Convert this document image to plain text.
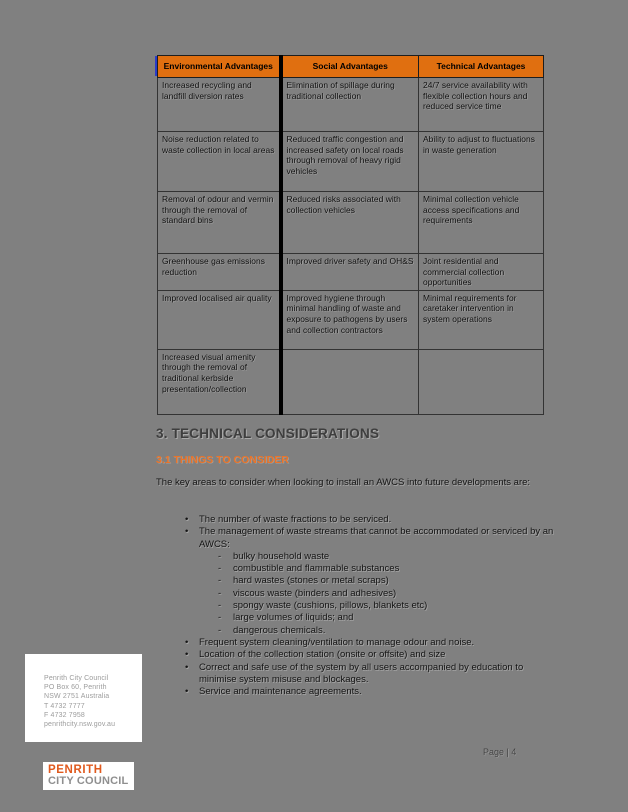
Environmental Advantages	Social Advantages	Technical Advantages
Increased recycling and landfill diversion rates	Elimination of spillage during traditional collection	24/7 service availability with flexible collection hours and reduced service time
Noise reduction related to waste collection in local areas	Reduced traffic congestion and increased safety on local roads through removal of heavy rigid vehicles	Ability to adjust to fluctuations in waste generation
Removal of odour and vermin through the removal of standard bins	Reduced risks associated with collection vehicles	Minimal collection vehicle access specifications and requirements
Greenhouse gas emissions reduction	Improved driver safety and OH&S	Joint residential and commercial collection opportunities
Improved localised air quality	Improved hygiene through minimal handling of waste and exposure to pathogens by users and collection contractors	Minimal requirements for caretaker intervention in system operations
Increased visual amenity through the removal of traditional kerbside presentation/collection		
3. TECHNICAL CONSIDERATIONS
3.1 THINGS TO CONSIDER
The key areas to consider when looking to install an AWCS into future developments are:
•	The number of waste fractions to be serviced.
•	The management of waste streams that cannot be accommodated or serviced by an AWCS:
-	bulky household waste
-	combustible and flammable substances
-	hard wastes (stones or metal scraps)
-	viscous waste (binders and adhesives)
-	spongy waste (cushions, pillows, blankets etc)
-	large volumes of liquids; and
-	dangerous chemicals.
•	Frequent system cleaning/ventilation to manage odour and noise.
•	Location of the collection station (onsite or offsite) and size
•	Correct and safe use of the system by all users accompanied by education to minimise system misuse and blockages.
•	Service and maintenance agreements.
Penrith City Council
PO Box 60, Penrith
NSW 2751 Australia
T 4732 7777
F 4732 7958
penrithcity.nsw.gov.au
PENRITH
CITY COUNCIL
Page | 4
